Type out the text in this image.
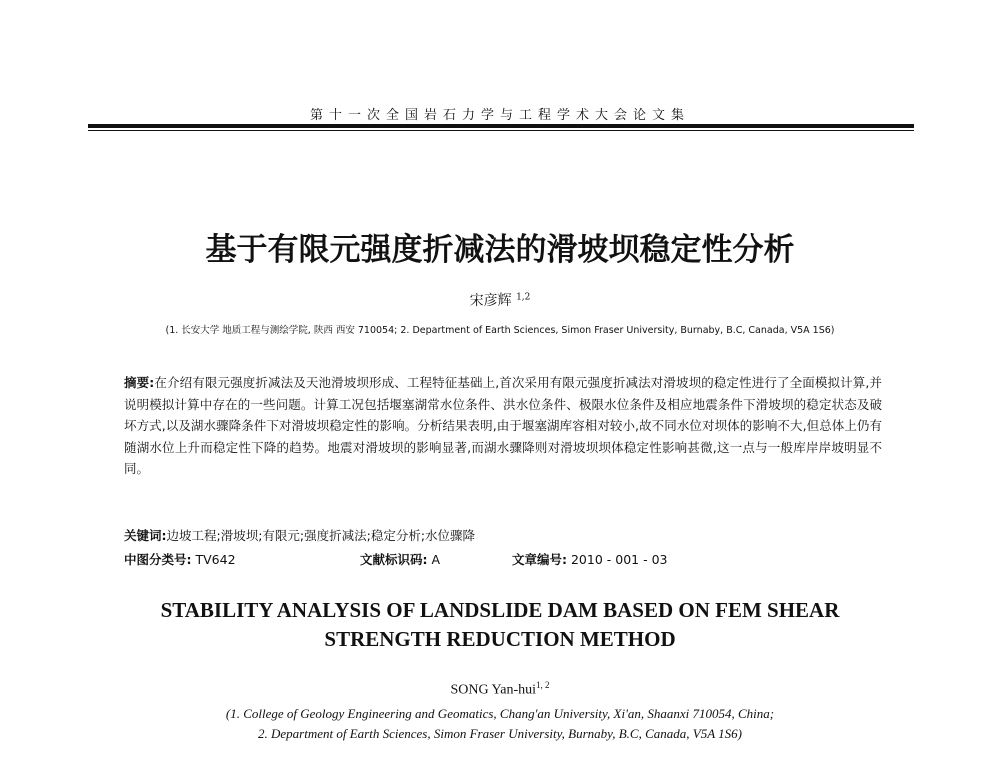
第十一次全国岩石力学与工程学术大会论文集
基于有限元强度折减法的滑坡坝稳定性分析
宋彦辉 $^{1,2}$
(1. 长安大学 地质工程与测绘学院, 陕西 西安 710054; 2. Department of Earth Sciences, Simon Fraser University, Burnaby, B.C, Canada, V5A 1S6)
摘要:在介绍有限元强度折减法及天池滑坡坝形成、工程特征基础上,首次采用有限元强度折减法对滑坡坝的稳定性进行了全面模拟计算,并说明模拟计算中存在的一些问题。计算工况包括堰塞湖常水位条件、洪水位条件、极限水位条件及相应地震条件下滑坡坝的稳定状态及破坏方式,以及湖水骤降条件下对滑坡坝稳定性的影响。分析结果表明,由于堰塞湖库容相对较小,故不同水位对坝体的影响不大,但总体上仍有随湖水位上升而稳定性下降的趋势。地震对滑坡坝的影响显著,而湖水骤降则对滑坡坝坝体稳定性影响甚微,这一点与一般库岸岸坡明显不同。
关键词:边坡工程;滑坡坝;有限元;强度折减法;稳定分析;水位骤降
中图分类号: TV642	文献标识码: A	文章编号: 2010 - 001 - 03
STABILITY ANALYSIS OF LANDSLIDE DAM BASED ON FEM SHEAR
STRENGTH REDUCTION METHOD
SONG Yan-hui$^{1, 2}$
(1. College of Geology Engineering and Geomatics, Chang'an University, Xi'an, Shaanxi 710054, China;
2. Department of Earth Sciences, Simon Fraser University, Burnaby, B.C, Canada, V5A 1S6)
